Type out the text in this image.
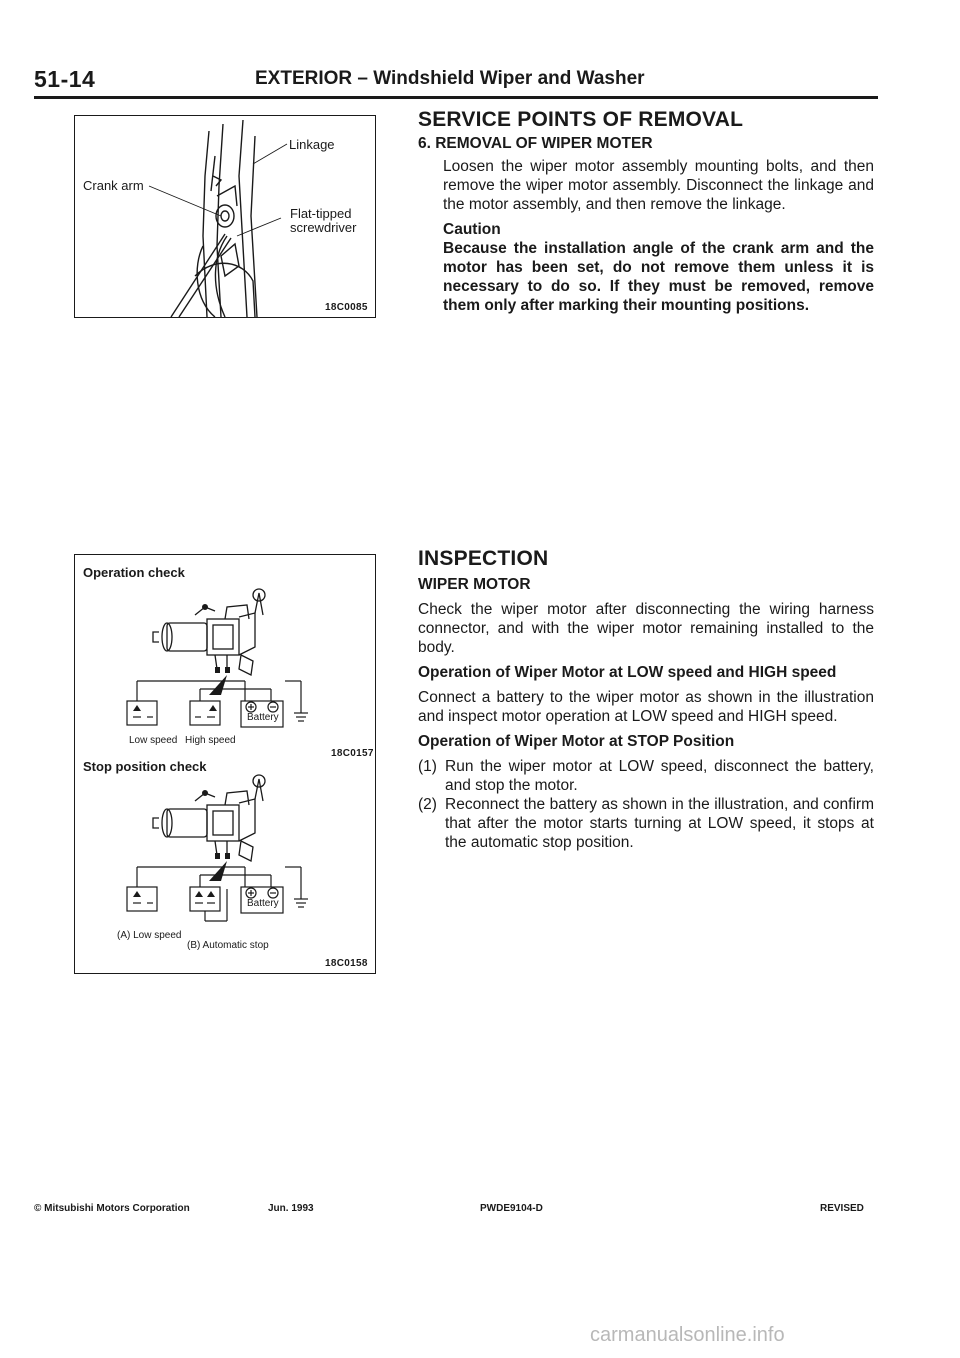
51-14	EXTERIOR – Windshield Wiper and Washer
Linkage
Crank arm
Flat-tipped
screwdriver
18C0085
Operation check
Low speed High speed
Battery
18C0157
Stop position check
(A) Low speed
(B) Automatic stop
Battery
18C0158
SERVICE POINTS OF REMOVAL
6. REMOVAL OF WIPER MOTER

Loosen the wiper motor assembly mounting bolts, and then remove the wiper motor assembly. Disconnect the linkage and the motor assembly, and then remove the linkage.

Caution

Because the installation angle of the crank arm and the motor has been set, do not remove them unless it is necessary to do so. If they must be removed, remove them only after marking their mounting positions.

INSPECTION
WIPER MOTOR

Check the wiper motor after disconnecting the wiring harness connector, and with the wiper motor remaining installed to the body.

Operation of Wiper Motor at LOW speed and HIGH speed

Connect a battery to the wiper motor as shown in the illustration and inspect motor operation at LOW speed and HIGH speed.

Operation of Wiper Motor at STOP Position
(1) Run the wiper motor at LOW speed, disconnect the battery, and stop the motor.
(2) Reconnect the battery as shown in the illustration, and confirm that after the motor starts turning at LOW speed, it stops at the automatic stop position.
© Mitsubishi Motors Corporation	Jun. 1993	PWDE9104-D	REVISED
carmanualsonline.info
